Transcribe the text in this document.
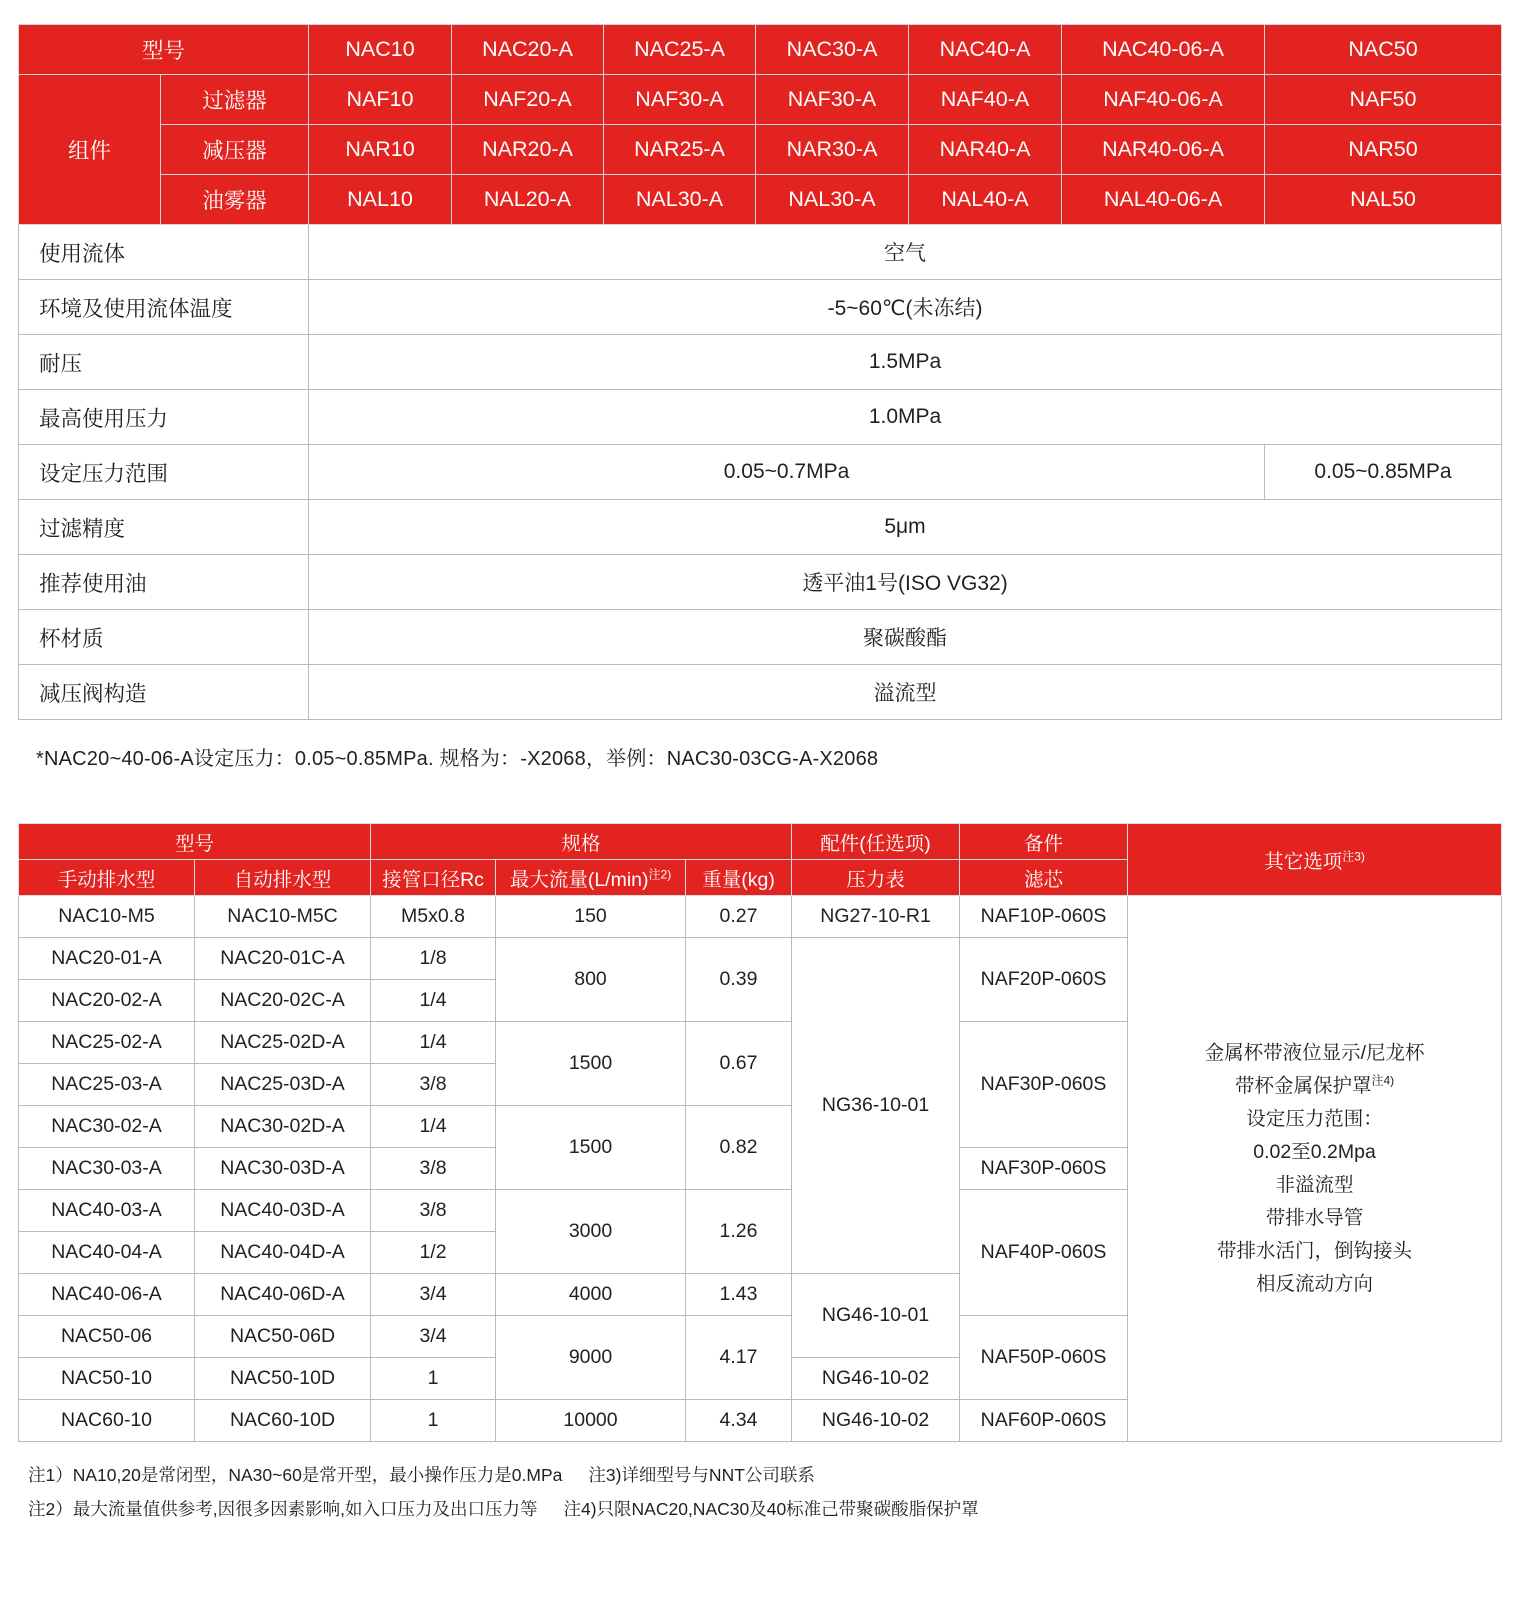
型号		NAC10	NAC20-A	NAC25-A	NAC30-A	NAC40-A	NAC40-06-A	NAC50
组件	过滤器	NAF10	NAF20-A	NAF30-A	NAF30-A	NAF40-A	NAF40-06-A	NAF50
	减压器	NAR10	NAR20-A	NAR25-A	NAR30-A	NAR40-A	NAR40-06-A	NAR50
	油雾器	NAL10	NAL20-A	NAL30-A	NAL30-A	NAL40-A	NAL40-06-A	NAL50
使用流体		空气						
环境及使用流体温度		-5~60℃(未冻结)						
耐压		1.5MPa						
最高使用压力		1.0MPa						
设定压力范围		0.05~0.7MPa						0.05~0.85MPa
过滤精度		5μm						
推荐使用油		透平油1号(ISO VG32)						
杯材质		聚碳酸酯						
减压阀构造		溢流型						
*NAC20~40-06-A设定压力：0.05~0.85MPa. 规格为：-X2068，举例：NAC30-03CG-A-X2068
型号		规格			配件(任选项)	备件	其它选项$^{注3)}$
手动排水型	自动排水型	接管口径Rc	最大流量$(L/\min)^{注2)}$	重量(kg)	压力表	滤芯	
NAC10-M5	NAC10-M5C	M5x0.8	150	0.27	NG27-10-R1	NAF10P-060S	
金属杯带液位显示/尼龙杯
带杯金属保护罩$^{注4)}$
设定压力范围：
0.02至0.2Mpa
非溢流型
带排水导管
带排水活门，倒钩接头
相反流动方向

NAC20-01-A	NAC20-01C-A	1/8	800	0.39	NG36-10-01	NAF20P-060S	
NAC20-02-A	NAC20-02C-A	1/4					
NAC25-02-A	NAC25-02D-A	1/4	1500	0.67		NAF30P-060S	
NAC25-03-A	NAC25-03D-A	3/8					
NAC30-02-A	NAC30-02D-A	1/4	1500	0.82			
NAC30-03-A	NAC30-03D-A	3/8				NAF30P-060S	
NAC40-03-A	NAC40-03D-A	3/8	3000	1.26		NAF40P-060S	
NAC40-04-A	NAC40-04D-A	1/2					
NAC40-06-A	NAC40-06D-A	3/4	4000	1.43	NG46-10-01		
NAC50-06	NAC50-06D	3/4	9000	4.17		NAF50P-060S	
NAC50-10	NAC50-10D	1			NG46-10-02		
NAC60-10	NAC60-10D	1	10000	4.34	NG46-10-02	NAF60P-060S	
注1）NA10,20是常闭型，NA30~60是常开型，最小操作压力是0.MPa 注3)详细型号与NNT公司联系
注2）最大流量值供参考,因很多因素影响,如入口压力及出口压力等 注4)只限NAC20,NAC30及40标准己带聚碳酸脂保护罩
